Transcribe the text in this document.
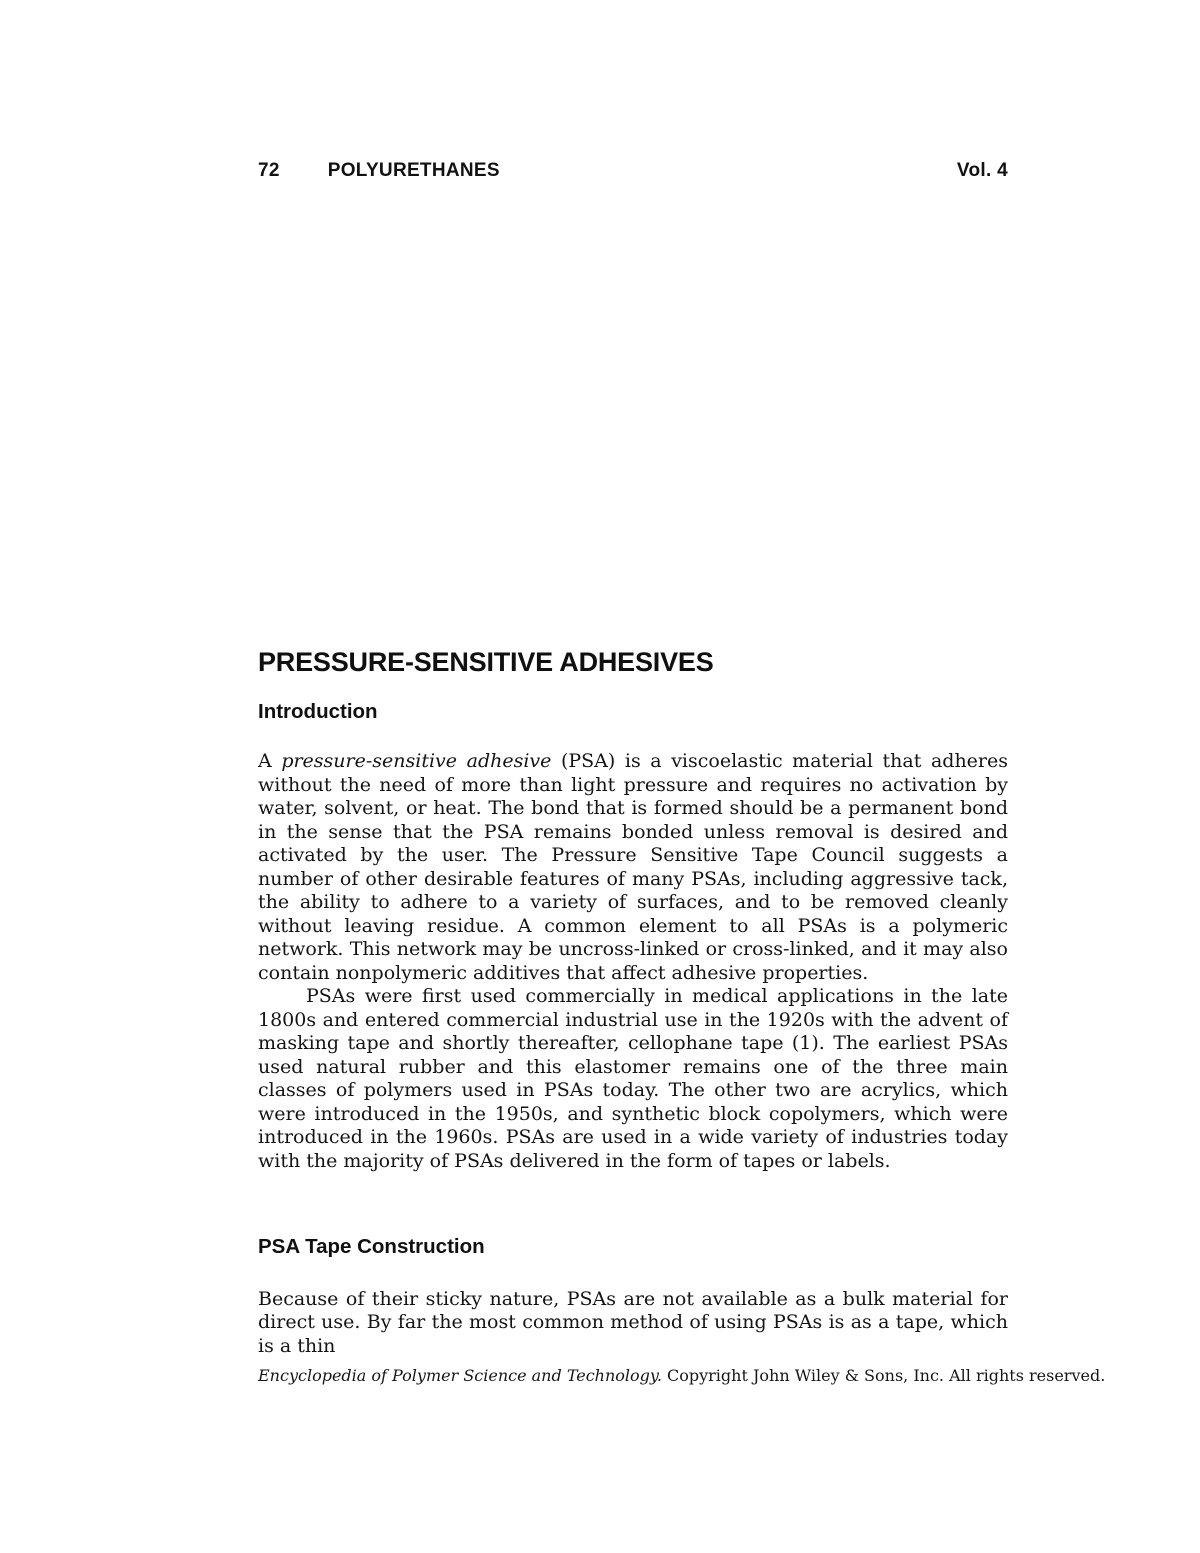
72	POLYURETHANES	Vol. 4
PRESSURE-SENSITIVE ADHESIVES
Introduction

A pressure-sensitive adhesive (PSA) is a viscoelastic material that adheres without the need of more than light pressure and requires no activation by water, solvent, or heat. The bond that is formed should be a permanent bond in the sense that the PSA remains bonded unless removal is desired and activated by the user. The Pressure Sensitive Tape Council suggests a number of other desirable features of many PSAs, including aggressive tack, the ability to adhere to a variety of surfaces, and to be removed cleanly without leaving residue. A common element to all PSAs is a polymeric network. This network may be uncross-linked or cross-linked, and it may also contain nonpolymeric additives that affect adhesive properties.

PSAs were first used commercially in medical applications in the late 1800s and entered commercial industrial use in the 1920s with the advent of masking tape and shortly thereafter, cellophane tape (1). The earliest PSAs used natural rubber and this elastomer remains one of the three main classes of polymers used in PSAs today. The other two are acrylics, which were introduced in the 1950s, and synthetic block copolymers, which were introduced in the 1960s. PSAs are used in a wide variety of industries today with the majority of PSAs delivered in the form of tapes or labels.

PSA Tape Construction

Because of their sticky nature, PSAs are not available as a bulk material for direct use. By far the most common method of using PSAs is as a tape, which is a thin

Encyclopedia of Polymer Science and Technology. Copyright John Wiley & Sons, Inc. All rights reserved.
